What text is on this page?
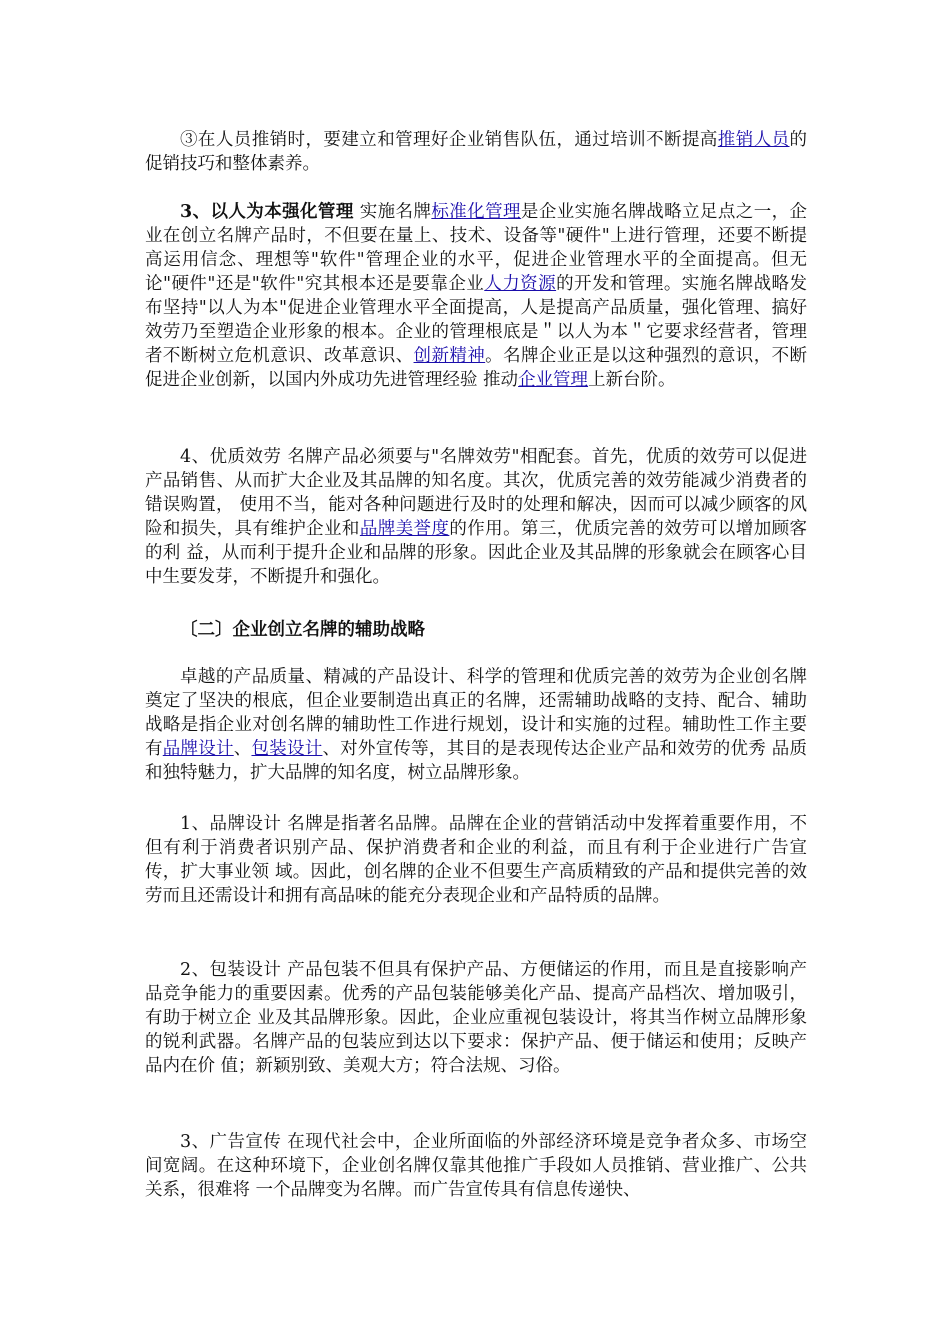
③在人员推销时，要建立和管理好企业销售队伍，通过培训不断提高推销人员的促销技巧和整体素养。

3、以人为本强化管理 实施名牌标准化管理是企业实施名牌战略立足点之一，企业在创立名牌产品时，不但要在量上、技术、设备等"硬件"上进行管理，还要不断提高运用信念、理想等"软件"管理企业的水平，促进企业管理水平的全面提高。但无论"硬件"还是"软件"究其根本还是要靠企业人力资源的开发和管理。实施名牌战略发布坚持"以人为本"促进企业管理水平全面提高，人是提高产品质量，强化管理、搞好效劳乃至塑造企业形象的根本。企业的管理根底是＂以人为本＂它要求经营者，管理者不断树立危机意识、改革意识、创新精神。名牌企业正是以这种强烈的意识，不断促进企业创新，以国内外成功先进管理经验 推动企业管理上新台阶。

4、优质效劳 名牌产品必须要与"名牌效劳"相配套。首先，优质的效劳可以促进产品销售、从而扩大企业及其品牌的知名度。其次，优质完善的效劳能减少消费者的错误购置， 使用不当，能对各种问题进行及时的处理和解决，因而可以减少顾客的风险和损失，具有维护企业和品牌美誉度的作用。第三，优质完善的效劳可以增加顾客的利 益，从而利于提升企业和品牌的形象。因此企业及其品牌的形象就会在顾客心目中生要发芽，不断提升和强化。

〔二〕企业创立名牌的辅助战略

卓越的产品质量、精减的产品设计、科学的管理和优质完善的效劳为企业创名牌奠定了坚决的根底，但企业要制造出真正的名牌，还需辅助战略的支持、配合、辅助 战略是指企业对创名牌的辅助性工作进行规划，设计和实施的过程。辅助性工作主要有品牌设计、包装设计、对外宣传等，其目的是表现传达企业产品和效劳的优秀 品质和独特魅力，扩大品牌的知名度，树立品牌形象。

1、品牌设计 名牌是指著名品牌。品牌在企业的营销活动中发挥着重要作用，不但有利于消费者识别产品、保护消费者和企业的利益，而且有利于企业进行广告宣传，扩大事业领 域。因此，创名牌的企业不但要生产高质精致的产品和提供完善的效劳而且还需设计和拥有高品味的能充分表现企业和产品特质的品牌。

2、包装设计 产品包装不但具有保护产品、方便储运的作用，而且是直接影响产品竞争能力的重要因素。优秀的产品包装能够美化产品、提高产品档次、增加吸引，有助于树立企 业及其品牌形象。因此，企业应重视包装设计，将其当作树立品牌形象的锐利武器。名牌产品的包装应到达以下要求：保护产品、便于储运和使用；反映产品内在价 值；新颖别致、美观大方；符合法规、习俗。

3、广告宣传 在现代社会中，企业所面临的外部经济环境是竞争者众多、市场空间宽阔。在这种环境下，企业创名牌仅靠其他推广手段如人员推销、营业推广、公共关系，很难将 一个品牌变为名牌。而广告宣传具有信息传递快、
